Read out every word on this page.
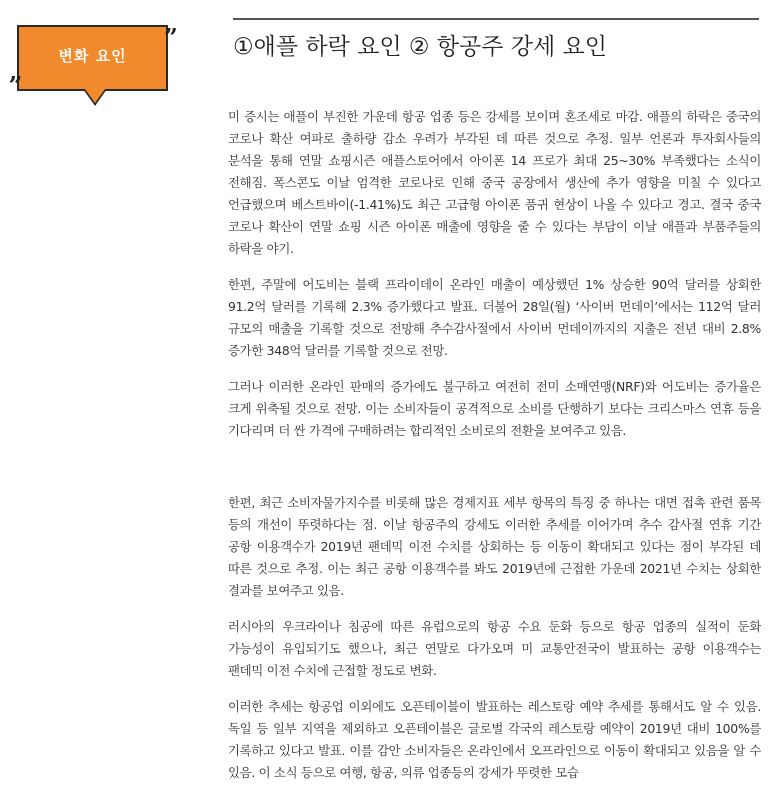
변화 요인
„
” ①애플 하락 요인 ② 항공주 강세 요인

미 증시는 애플이 부진한 가운데 항공 업종 등은 강세를 보이며 혼조세로 마감. 애플의 하락은 중국의 코로나 확산 여파로 출하량 감소 우려가 부각된 데 따른 것으로 추정. 일부 언론과 투자회사들의 분석을 통해 연말 쇼핑시즌 애플스토어에서 아이폰 14 프로가 최대 25~30% 부족했다는 소식이 전해짐. 폭스콘도 이날 엄격한 코로나로 인해 중국 공장에서 생산에 추가 영향을 미칠 수 있다고 언급했으며 베스트바이(-1.41%)도 최근 고급형 아이폰 품귀 현상이 나올 수 있다고 경고. 결국 중국 코로나 확산이 연말 쇼핑 시즌 아이폰 매출에 영향을 줄 수 있다는 부담이 이날 애플과 부품주들의 하락을 야기.

한편, 주말에 어도비는 블랙 프라이데이 온라인 매출이 예상했던 1% 상승한 90억 달러를 상회한 91.2억 달러를 기록해 2.3% 증가했다고 발표. 더불어 28일(월) ‘사이버 먼데이’에서는 112억 달러 규모의 매출을 기록할 것으로 전망해 추수감사절에서 사이버 먼데이까지의 지출은 전년 대비 2.8% 증가한 348억 달러를 기록할 것으로 전망.

그러나 이러한 온라인 판매의 증가에도 불구하고 여전히 전미 소매연맹(NRF)와 어도비는 증가율은 크게 위축될 것으로 전망. 이는 소비자들이 공격적으로 소비를 단행하기 보다는 크리스마스 연휴 등을 기다리며 더 싼 가격에 구매하려는 합리적인 소비로의 전환을 보여주고 있음.

한편, 최근 소비자물가지수를 비롯해 많은 경제지표 세부 항목의 특징 중 하나는 대면 접촉 관련 품목 등의 개선이 뚜렷하다는 점. 이날 항공주의 강세도 이러한 추세를 이어가며 추수 감사절 연휴 기간 공항 이용객수가 2019년 팬데믹 이전 수치를 상회하는 등 이동이 확대되고 있다는 점이 부각된 데 따른 것으로 추정. 이는 최근 공항 이용객수를 봐도 2019년에 근접한 가운데 2021년 수치는 상회한 결과를 보여주고 있음.

러시아의 우크라이나 침공에 따른 유럽으로의 항공 수요 둔화 등으로 항공 업종의 실적이 둔화 가능성이 유입되기도 했으나, 최근 연말로 다가오며 미 교통안전국이 발표하는 공항 이용객수는 팬데믹 이전 수치에 근접할 정도로 변화.

이러한 추세는 항공업 이외에도 오픈테이블이 발표하는 레스토랑 예약 추세를 통해서도 알 수 있음. 독일 등 일부 지역을 제외하고 오픈테이블은 글로벌 각국의 레스토랑 예약이 2019년 대비 100%를 기록하고 있다고 발표. 이를 감안 소비자들은 온라인에서 오프라인으로 이동이 확대되고 있음을 알 수 있음. 이 소식 등으로 여행, 항공, 의류 업종등의 강세가 뚜렷한 모습
